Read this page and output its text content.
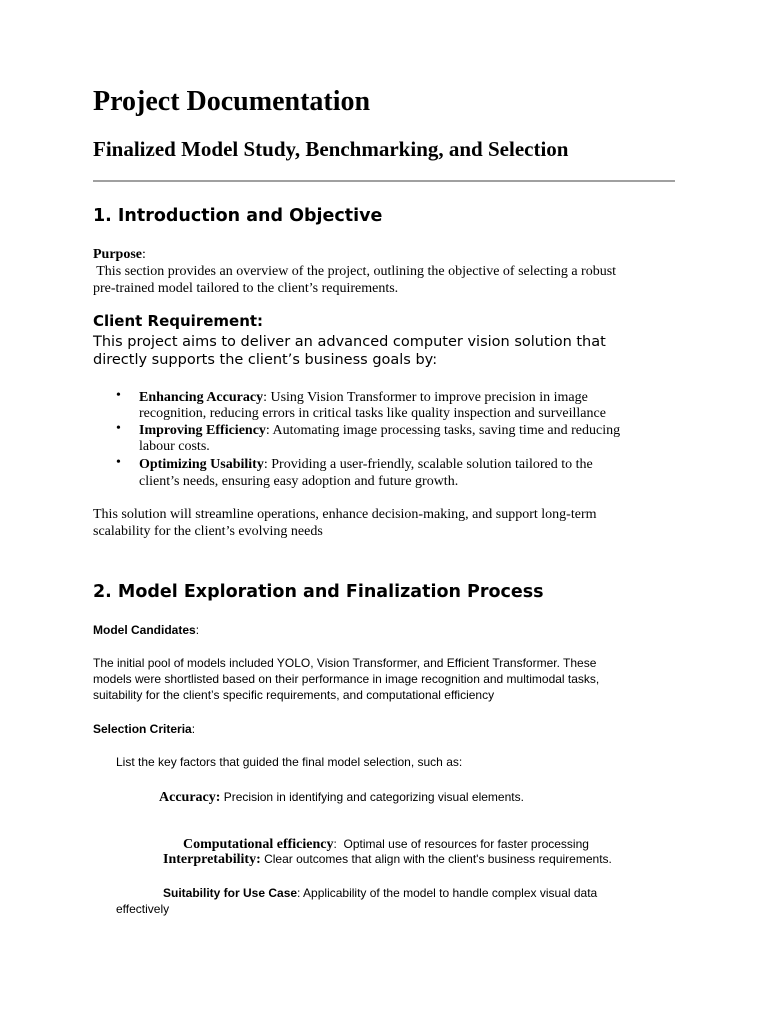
Project Documentation
Finalized Model Study, Benchmarking, and Selection
1. Introduction and Objective
Purpose:
This section provides an overview of the project, outlining the objective of selecting a robust
pre-trained model tailored to the client’s requirements.
Client Requirement:
This project aims to deliver an advanced computer vision solution that
directly supports the client’s business goals by:
• Enhancing Accuracy: Using Vision Transformer to improve precision in image
recognition, reducing errors in critical tasks like quality inspection and surveillance
• Improving Efficiency: Automating image processing tasks, saving time and reducing
labour costs.
• Optimizing Usability: Providing a user-friendly, scalable solution tailored to the
client’s needs, ensuring easy adoption and future growth.
This solution will streamline operations, enhance decision-making, and support long-term
scalability for the client’s evolving needs
2. Model Exploration and Finalization Process
Model Candidates:
The initial pool of models included YOLO, Vision Transformer, and Efficient Transformer. These
models were shortlisted based on their performance in image recognition and multimodal tasks,
suitability for the client’s specific requirements, and computational efficiency
Selection Criteria:
List the key factors that guided the final model selection, such as:
Accuracy: Precision in identifying and categorizing visual elements.

Computational efficiency:  Optimal use of resources for faster processing

Interpretability: Clear outcomes that align with the client's business requirements.
Suitability for Use Case: Applicability of the model to handle complex visual data
effectively
